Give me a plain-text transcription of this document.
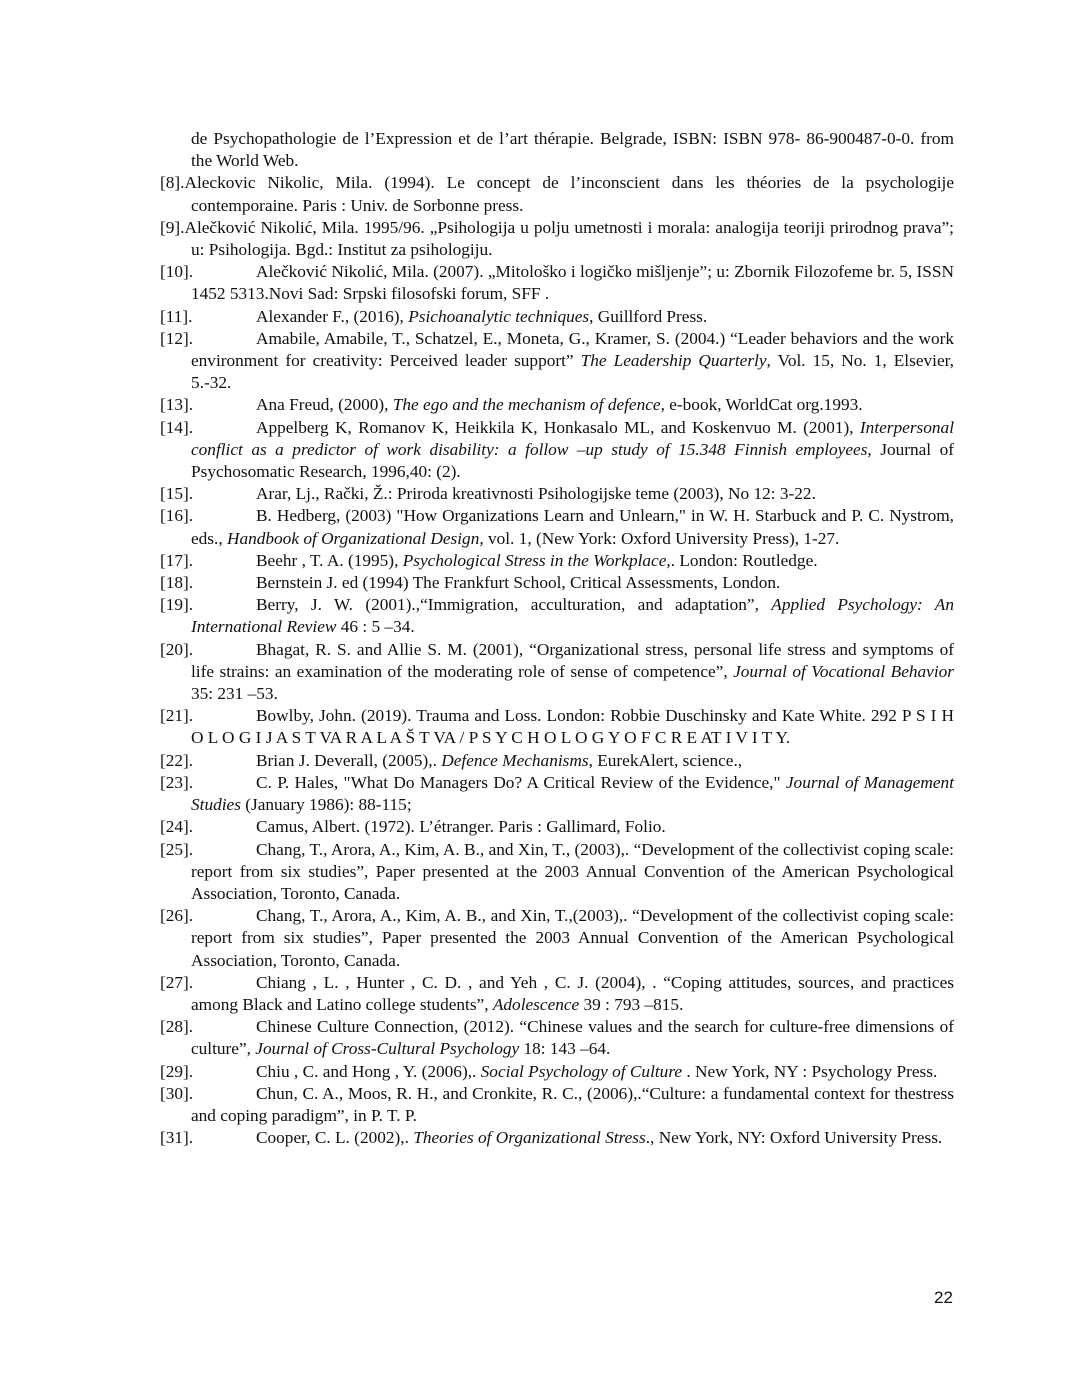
de Psychopathologie de l’Expression et de l’art thérapie. Belgrade, ISBN: ISBN 978- 86-900487-0-0. from the World Web.

[8].Aleckovic Nikolic, Mila. (1994). Le concept de l’inconscient dans les théories de la psychologije contemporaine. Paris : Univ. de Sorbonne press.

[9].Alečković Nikolić, Mila. 1995/96. „Psihologija u polju umetnosti i morala: analogija teoriji prirodnog prava”; u: Psihologija. Bgd.: Institut za psihologiju.

[10].	Alečković Nikolić, Mila. (2007). „Mitološko i logičko mišljenje”; u: Zbornik Filozofeme br. 5, ISSN 1452 5313.Novi Sad: Srpski filosofski forum, SFF .

[11].	Alexander F., (2016), Psichoanalytic techniques, Guillford Press.

[12].	Amabile, Amabile, T., Schatzel, E., Moneta, G., Kramer, S. (2004.) “Leader behaviors and the work environment for creativity: Perceived leader support” The Leadership Quarterly, Vol. 15, No. 1, Elsevier, 5.-32.

[13].	Ana Freud, (2000), The ego and the mechanism of defence, e-book, WorldCat org.1993.

[14].	Appelberg K, Romanov K, Heikkila K, Honkasalo ML, and Koskenvuo M. (2001), Interpersonal conflict as a predictor of work disability: a follow –up study of 15.348 Finnish employees, Journal of Psychosomatic Research, 1996,40: (2).

[15].	Arar, Lj., Rački, Ž.: Priroda kreativnosti Psihologijske teme (2003), No 12: 3-22.

[16].	B. Hedberg, (2003) "How Organizations Learn and Unlearn," in W. H. Starbuck and P. C. Nystrom, eds., Handbook of Organizational Design, vol. 1, (New York: Oxford University Press), 1-27.

[17].	Beehr , T. A. (1995), Psychological Stress in the Workplace,. London: Routledge.

[18].	Bernstein J. ed (1994) The Frankfurt School, Critical Assessments, London.

[19].	Berry, J. W. (2001).,“Immigration, acculturation, and adaptation”, Applied Psychology: An International Review 46 : 5 –34.

[20].	Bhagat, R. S. and Allie S. M. (2001), “Organizational stress, personal life stress and symptoms of life strains: an examination of the moderating role of sense of competence”, Journal of Vocational Behavior 35: 231 –53.

[21].	Bowlby, John. (2019). Trauma and Loss. London: Robbie Duschinsky and Kate White. 292 P S I H O L O G I J A S T VA R A L A Š T VA / P S Y C H O L O G Y O F C R E AT I V I T Y.

[22].	Brian J. Deverall, (2005),. Defence Mechanisms, EurekAlert, science.,

[23].	C. P. Hales, "What Do Managers Do? A Critical Review of the Evidence," Journal of Management Studies (January 1986): 88-115;

[24].	Camus, Albert. (1972). L’étranger. Paris : Gallimard, Folio.

[25].	Chang, T., Arora, A., Kim, A. B., and Xin, T., (2003),. “Development of the collectivist coping scale: report from six studies”, Paper presented at the 2003 Annual Convention of the American Psychological Association, Toronto, Canada.

[26].	Chang, T., Arora, A., Kim, A. B., and Xin, T.,(2003),. “Development of the collectivist coping scale: report from six studies”, Paper presented the 2003 Annual Convention of the American Psychological Association, Toronto, Canada.

[27].	Chiang , L. , Hunter , C. D. , and Yeh , C. J. (2004), . “Coping attitudes, sources, and practices among Black and Latino college students”, Adolescence 39 : 793 –815.

[28].	Chinese Culture Connection, (2012). “Chinese values and the search for culture-free dimensions of culture”, Journal of Cross-Cultural Psychology 18: 143 –64.

[29].	Chiu , C. and Hong , Y. (2006),. Social Psychology of Culture . New York, NY : Psychology Press.

[30].	Chun, C. A., Moos, R. H., and Cronkite, R. C., (2006),.“Culture: a fundamental context for thestress and coping paradigm”, in P. T. P.

[31].	Cooper, C. L. (2002),. Theories of Organizational Stress., New York, NY: Oxford University Press.

22
